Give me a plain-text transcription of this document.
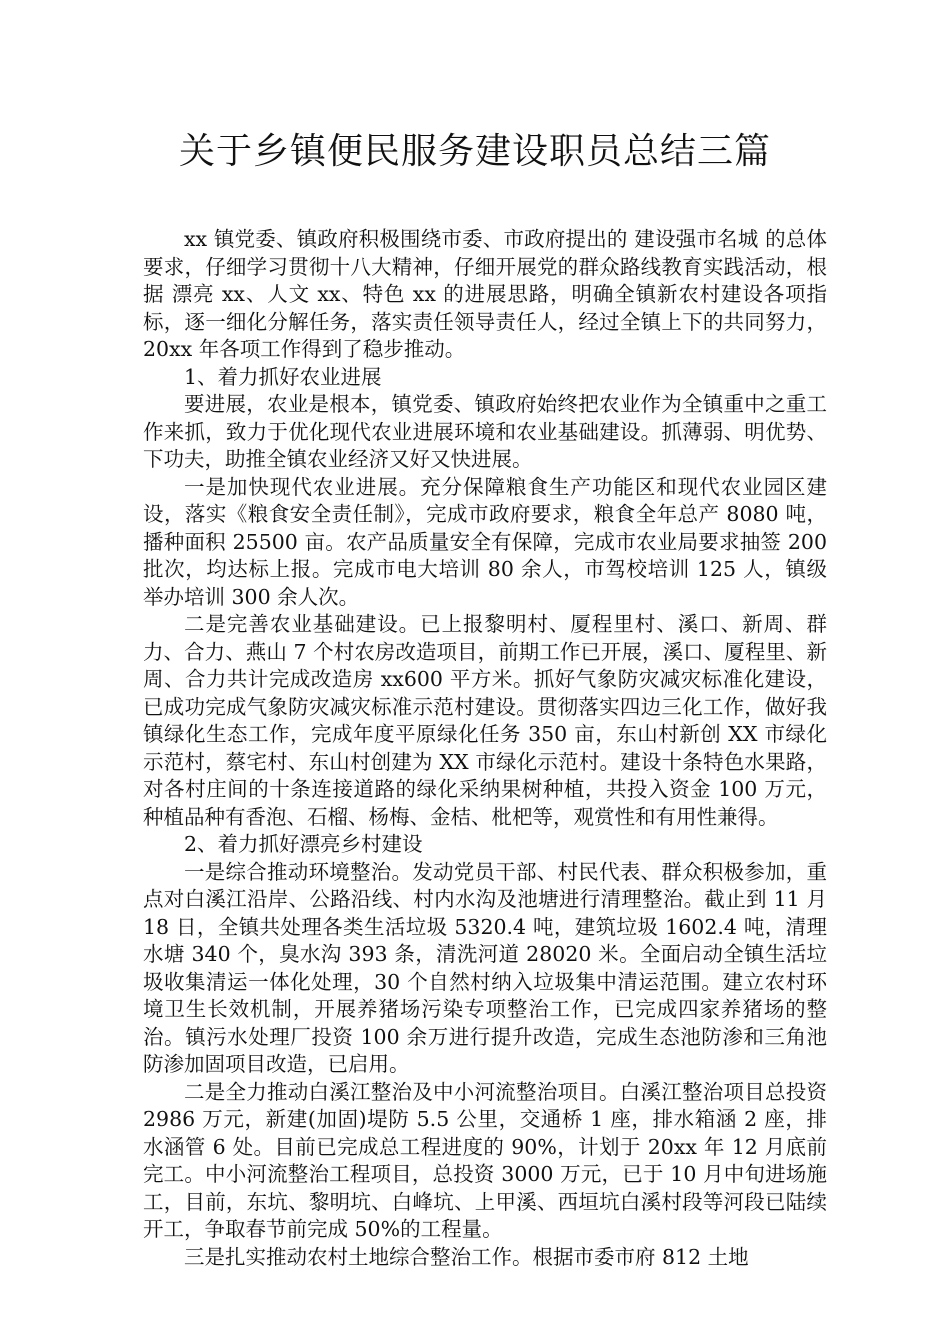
关于乡镇便民服务建设职员总结三篇

xx 镇党委、镇政府积极围绕市委、市政府提出的 建设强市名城 的总体要求，仔细学习贯彻十八大精神，仔细开展党的群众路线教育实践活动，根据 漂亮 xx、人文 xx、特色 xx 的进展思路，明确全镇新农村建设各项指标，逐一细化分解任务，落实责任领导责任人，经过全镇上下的共同努力，20xx 年各项工作得到了稳步推动。

1、着力抓好农业进展

要进展，农业是根本，镇党委、镇政府始终把农业作为全镇重中之重工作来抓，致力于优化现代农业进展环境和农业基础建设。抓薄弱、明优势、下功夫，助推全镇农业经济又好又快进展。

一是加快现代农业进展。充分保障粮食生产功能区和现代农业园区建设，落实《粮食安全责任制》，完成市政府要求，粮食全年总产 8080 吨，播种面积 25500 亩。农产品质量安全有保障，完成市农业局要求抽签 200 批次，均达标上报。完成市电大培训 80 余人，市驾校培训 125 人，镇级举办培训 300 余人次。

二是完善农业基础建设。已上报黎明村、厦程里村、溪口、新周、群力、合力、燕山 7 个村农房改造项目，前期工作已开展，溪口、厦程里、新周、合力共计完成改造房 xx600 平方米。抓好气象防灾减灾标准化建设，已成功完成气象防灾减灾标准示范村建设。贯彻落实四边三化工作，做好我镇绿化生态工作，完成年度平原绿化任务 350 亩，东山村新创 XX 市绿化示范村，蔡宅村、东山村创建为 XX 市绿化示范村。建设十条特色水果路，对各村庄间的十条连接道路的绿化采纳果树种植，共投入资金 100 万元，种植品种有香泡、石榴、杨梅、金桔、枇杷等，观赏性和有用性兼得。

2、着力抓好漂亮乡村建设

一是综合推动环境整治。发动党员干部、村民代表、群众积极参加，重点对白溪江沿岸、公路沿线、村内水沟及池塘进行清理整治。截止到 11 月 18 日，全镇共处理各类生活垃圾 5320.4 吨，建筑垃圾 1602.4 吨，清理水塘 340 个，臭水沟 393 条，清洗河道 28020 米。全面启动全镇生活垃圾收集清运一体化处理，30 个自然村纳入垃圾集中清运范围。建立农村环境卫生长效机制，开展养猪场污染专项整治工作，已完成四家养猪场的整治。镇污水处理厂投资 100 余万进行提升改造，完成生态池防渗和三角池防渗加固项目改造，已启用。

二是全力推动白溪江整治及中小河流整治项目。白溪江整治项目总投资 2986 万元，新建(加固)堤防 5.5 公里，交通桥 1 座，排水箱涵 2 座，排水涵管 6 处。目前已完成总工程进度的 90%，计划于 20xx 年 12 月底前完工。中小河流整治工程项目，总投资 3000 万元，已于 10 月中旬进场施工，目前，东坑、黎明坑、白峰坑、上甲溪、西垣坑白溪村段等河段已陆续开工，争取春节前完成 50%的工程量。

三是扎实推动农村土地综合整治工作。根据市委市府 812 土地
